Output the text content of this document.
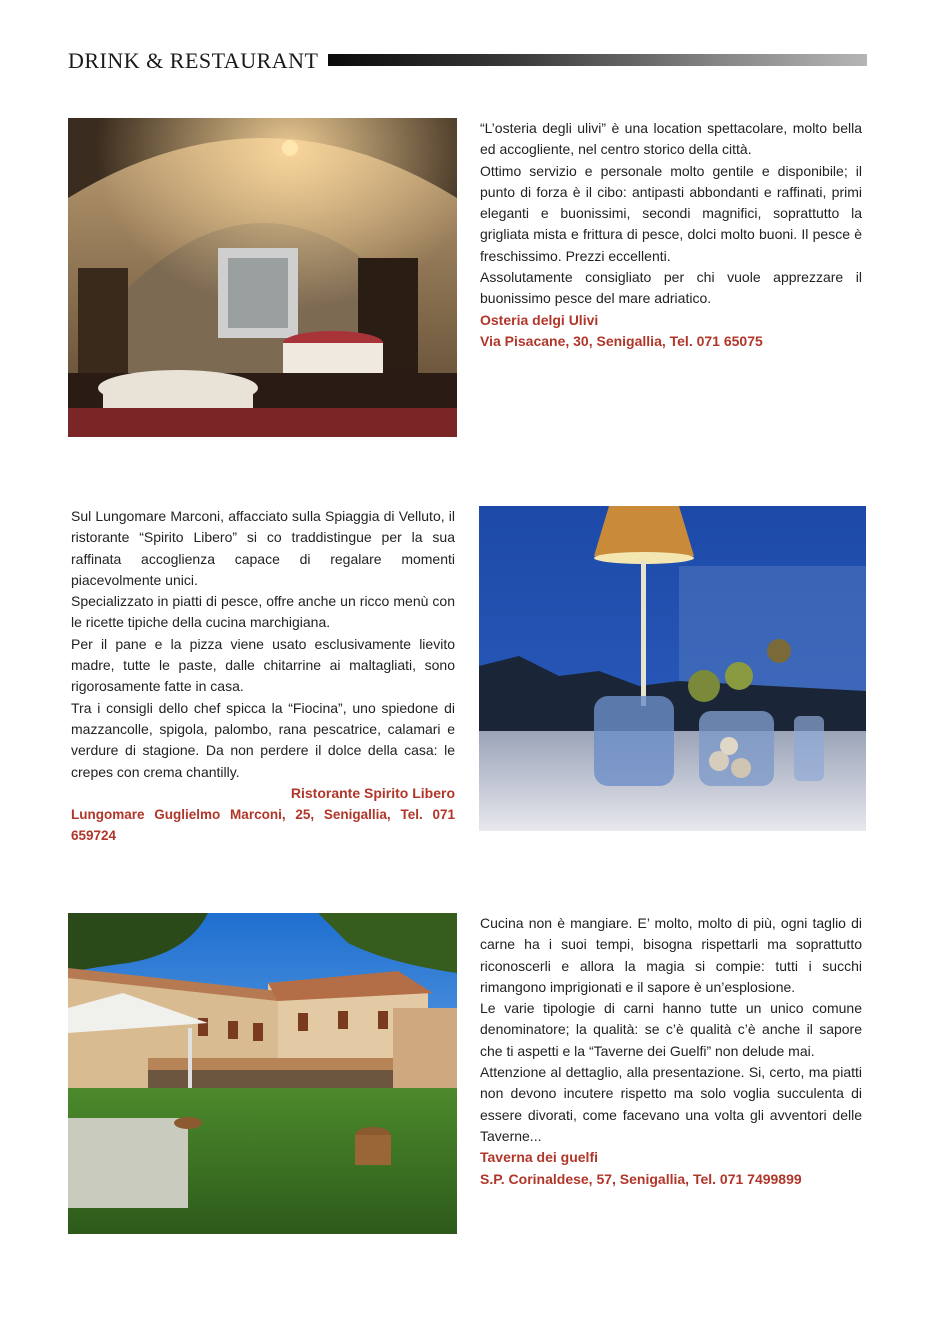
DRINK & RESTAURANT
“L’osteria degli ulivi” è una location spettacolare, molto bella ed accogliente, nel centro storico della città.
Ottimo servizio e personale molto gentile e disponibile; il punto di forza è il cibo: antipasti abbondanti e raffinati, primi eleganti e buonissimi, secondi magnifici, soprattutto la grigliata mista e frittura di pesce, dolci molto buoni. Il pesce è freschissimo. Prezzi eccellenti.
Assolutamente consigliato per chi vuole apprezzare il buonissimo pesce del mare adriatico.
Osteria delgi Ulivi
Via Pisacane, 30, Senigallia, Tel. 071 65075
Sul Lungomare Marconi, affacciato sulla Spiaggia di Velluto, il ristorante “Spirito Libero” si co traddistingue per la sua raffinata accoglienza capace di regalare momenti piacevolmente unici.
Specializzato in piatti di pesce, offre anche un ricco menù con le ricette tipiche della cucina marchigiana.
Per il pane e la pizza viene usato esclusivamente lievito madre, tutte le paste, dalle chitarrine ai maltagliati, sono rigorosamente fatte in casa.
Tra i consigli dello chef spicca la “Fiocina”, uno spiedone di mazzancolle, spigola, palombo, rana pescatrice, calamari e verdure di stagione. Da non perdere il dolce della casa: le crepes con crema chantilly.
Ristorante Spirito Libero
Lungomare Guglielmo Marconi, 25, Senigallia, Tel. 071 659724
Cucina non è mangiare. E’ molto, molto di più, ogni taglio di carne ha i suoi tempi, bisogna rispettarli ma soprattutto riconoscerli e allora la magia si compie: tutti i succhi rimangono imprigionati e il sapore è un’esplosione.
Le varie tipologie di carni hanno tutte un unico comune denominatore; la qualità: se c’è qualità c’è anche il sapore che ti aspetti e la “Taverne dei Guelfi” non delude mai.
Attenzione al dettaglio, alla presentazione. Si, certo, ma piatti non devono incutere rispetto ma solo voglia succulenta di essere divorati, come facevano una volta gli avventori delle Taverne...
Taverna dei guelfi
S.P. Corinaldese, 57, Senigallia, Tel. 071 7499899
